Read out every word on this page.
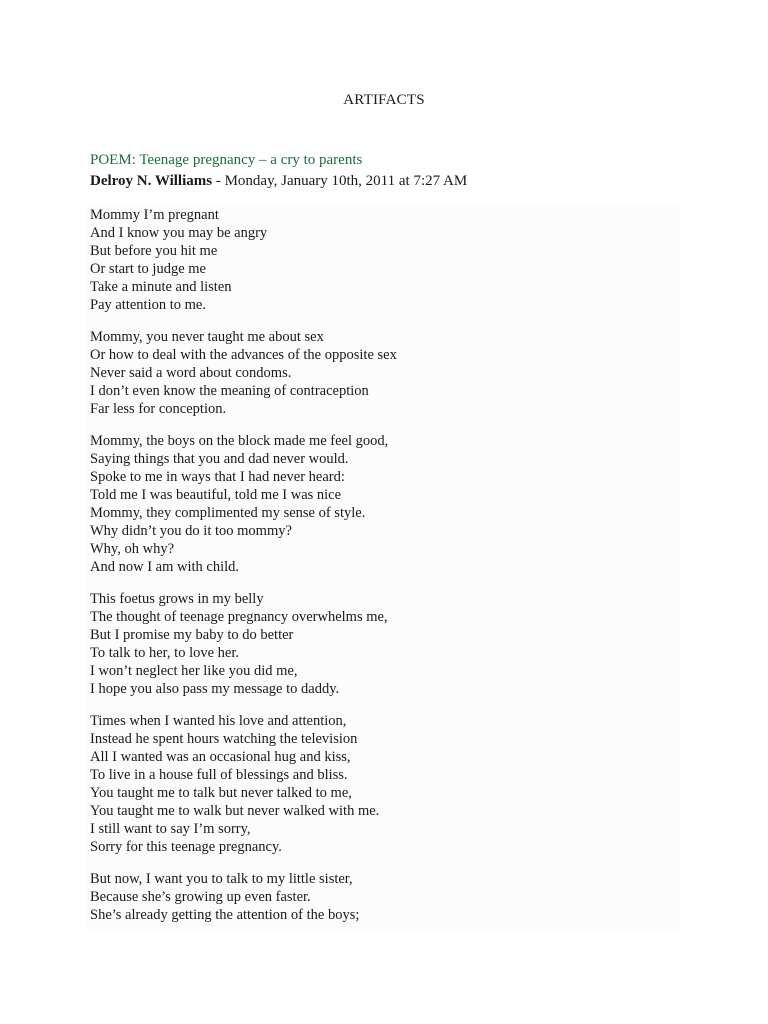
ARTIFACTS
POEM: Teenage pregnancy – a cry to parents
Delroy N. Williams - Monday, January 10th, 2011 at 7:27 AM
Mommy I’m pregnant
And I know you may be angry
But before you hit me
Or start to judge me
Take a minute and listen
Pay attention to me.
Mommy, you never taught me about sex
Or how to deal with the advances of the opposite sex
Never said a word about condoms.
I don’t even know the meaning of contraception
Far less for conception.
Mommy, the boys on the block made me feel good,
Saying things that you and dad never would.
Spoke to me in ways that I had never heard:
Told me I was beautiful, told me I was nice
Mommy, they complimented my sense of style.
Why didn’t you do it too mommy?
Why, oh why?
And now I am with child.
This foetus grows in my belly
The thought of teenage pregnancy overwhelms me,
But I promise my baby to do better
To talk to her, to love her.
I won’t neglect her like you did me,
I hope you also pass my message to daddy.
Times when I wanted his love and attention,
Instead he spent hours watching the television
All I wanted was an occasional hug and kiss,
To live in a house full of blessings and bliss.
You taught me to talk but never talked to me,
You taught me to walk but never walked with me.
I still want to say I’m sorry,
Sorry for this teenage pregnancy.
But now, I want you to talk to my little sister,
Because she’s growing up even faster.
She’s already getting the attention of the boys;
